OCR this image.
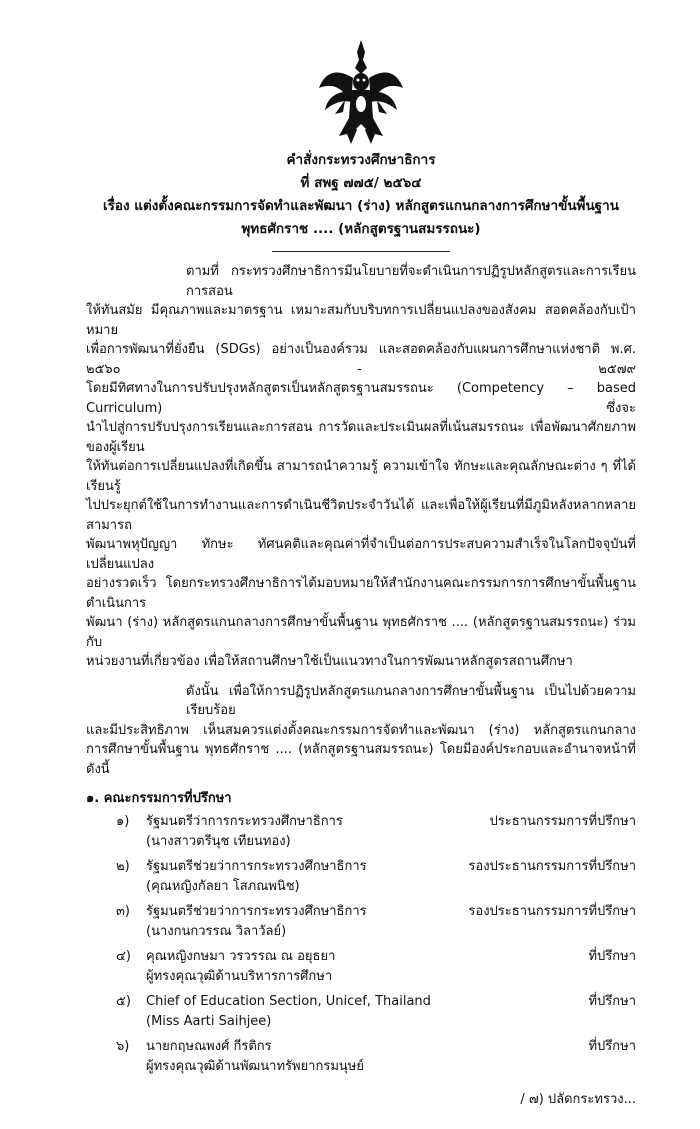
คำสั่งกระทรวงศึกษาธิการ
ที่ สพฐ ๗๗๕/ ๒๕๖๔
เรื่อง แต่งตั้งคณะกรรมการจัดทำและพัฒนา (ร่าง) หลักสูตรแกนกลางการศึกษาขั้นพื้นฐาน
พุทธศักราช .... (หลักสูตรฐานสมรรถนะ)
ตามที่ กระทรวงศึกษาธิการมีนโยบายที่จะดำเนินการปฏิรูปหลักสูตรและการเรียนการสอน
ให้ทันสมัย มีคุณภาพและมาตรฐาน เหมาะสมกับบริบทการเปลี่ยนแปลงของสังคม สอดคล้องกับเป้าหมาย
เพื่อการพัฒนาที่ยั่งยืน (SDGs) อย่างเป็นองค์รวม และสอดคล้องกับแผนการศึกษาแห่งชาติ พ.ศ. ๒๕๖๐ - ๒๕๗๙
โดยมีทิศทางในการปรับปรุงหลักสูตรเป็นหลักสูตรฐานสมรรถนะ (Competency – based Curriculum) ซึ่งจะ
นำไปสู่การปรับปรุงการเรียนและการสอน การวัดและประเมินผลที่เน้นสมรรถนะ เพื่อพัฒนาศักยภาพของผู้เรียน
ให้ทันต่อการเปลี่ยนแปลงที่เกิดขึ้น สามารถนำความรู้ ความเข้าใจ ทักษะและคุณลักษณะต่าง ๆ ที่ได้เรียนรู้
ไปประยุกต์ใช้ในการทำงานและการดำเนินชีวิตประจำวันได้ และเพื่อให้ผู้เรียนที่มีภูมิหลังหลากหลายสามารถ
พัฒนาพหุปัญญา ทักษะ ทัศนคติและคุณค่าที่จำเป็นต่อการประสบความสำเร็จในโลกปัจจุบันที่เปลี่ยนแปลง
อย่างรวดเร็ว โดยกระทรวงศึกษาธิการได้มอบหมายให้สำนักงานคณะกรรมการการศึกษาขั้นพื้นฐานดำเนินการ
พัฒนา (ร่าง) หลักสูตรแกนกลางการศึกษาขั้นพื้นฐาน พุทธศักราช .... (หลักสูตรฐานสมรรถนะ) ร่วมกับ
หน่วยงานที่เกี่ยวข้อง เพื่อให้สถานศึกษาใช้เป็นแนวทางในการพัฒนาหลักสูตรสถานศึกษา
ดังนั้น เพื่อให้การปฏิรูปหลักสูตรแกนกลางการศึกษาขั้นพื้นฐาน เป็นไปด้วยความเรียบร้อย
และมีประสิทธิภาพ เห็นสมควรแต่งตั้งคณะกรรมการจัดทำและพัฒนา (ร่าง) หลักสูตรแกนกลาง
การศึกษาขั้นพื้นฐาน พุทธศักราช .... (หลักสูตรฐานสมรรถนะ) โดยมีองค์ประกอบและอำนาจหน้าที่ ดังนี้
๑. คณะกรรมการที่ปรึกษา
๑)	รัฐมนตรีว่าการกระทรวงศึกษาธิการ	ประธานกรรมการที่ปรึกษา
(นางสาวตรีนุช เทียนทอง)
๒)	รัฐมนตรีช่วยว่าการกระทรวงศึกษาธิการ	รองประธานกรรมการที่ปรึกษา
(คุณหญิงกัลยา โสภณพนิช)
๓)	รัฐมนตรีช่วยว่าการกระทรวงศึกษาธิการ	รองประธานกรรมการที่ปรึกษา
(นางกนกวรรณ วิลาวัลย์)
๔)	คุณหญิงกษมา วรวรรณ ณ อยุธยา	ที่ปรึกษา
ผู้ทรงคุณวุฒิด้านบริหารการศึกษา
๕)	Chief of Education Section, Unicef, Thailand	ที่ปรึกษา
(Miss Aarti Saihjee)
๖)	นายกฤษณพงศ์ กีรติกร	ที่ปรึกษา
ผู้ทรงคุณวุฒิด้านพัฒนาทรัพยากรมนุษย์
/ ๗) ปลัดกระทรวง...
